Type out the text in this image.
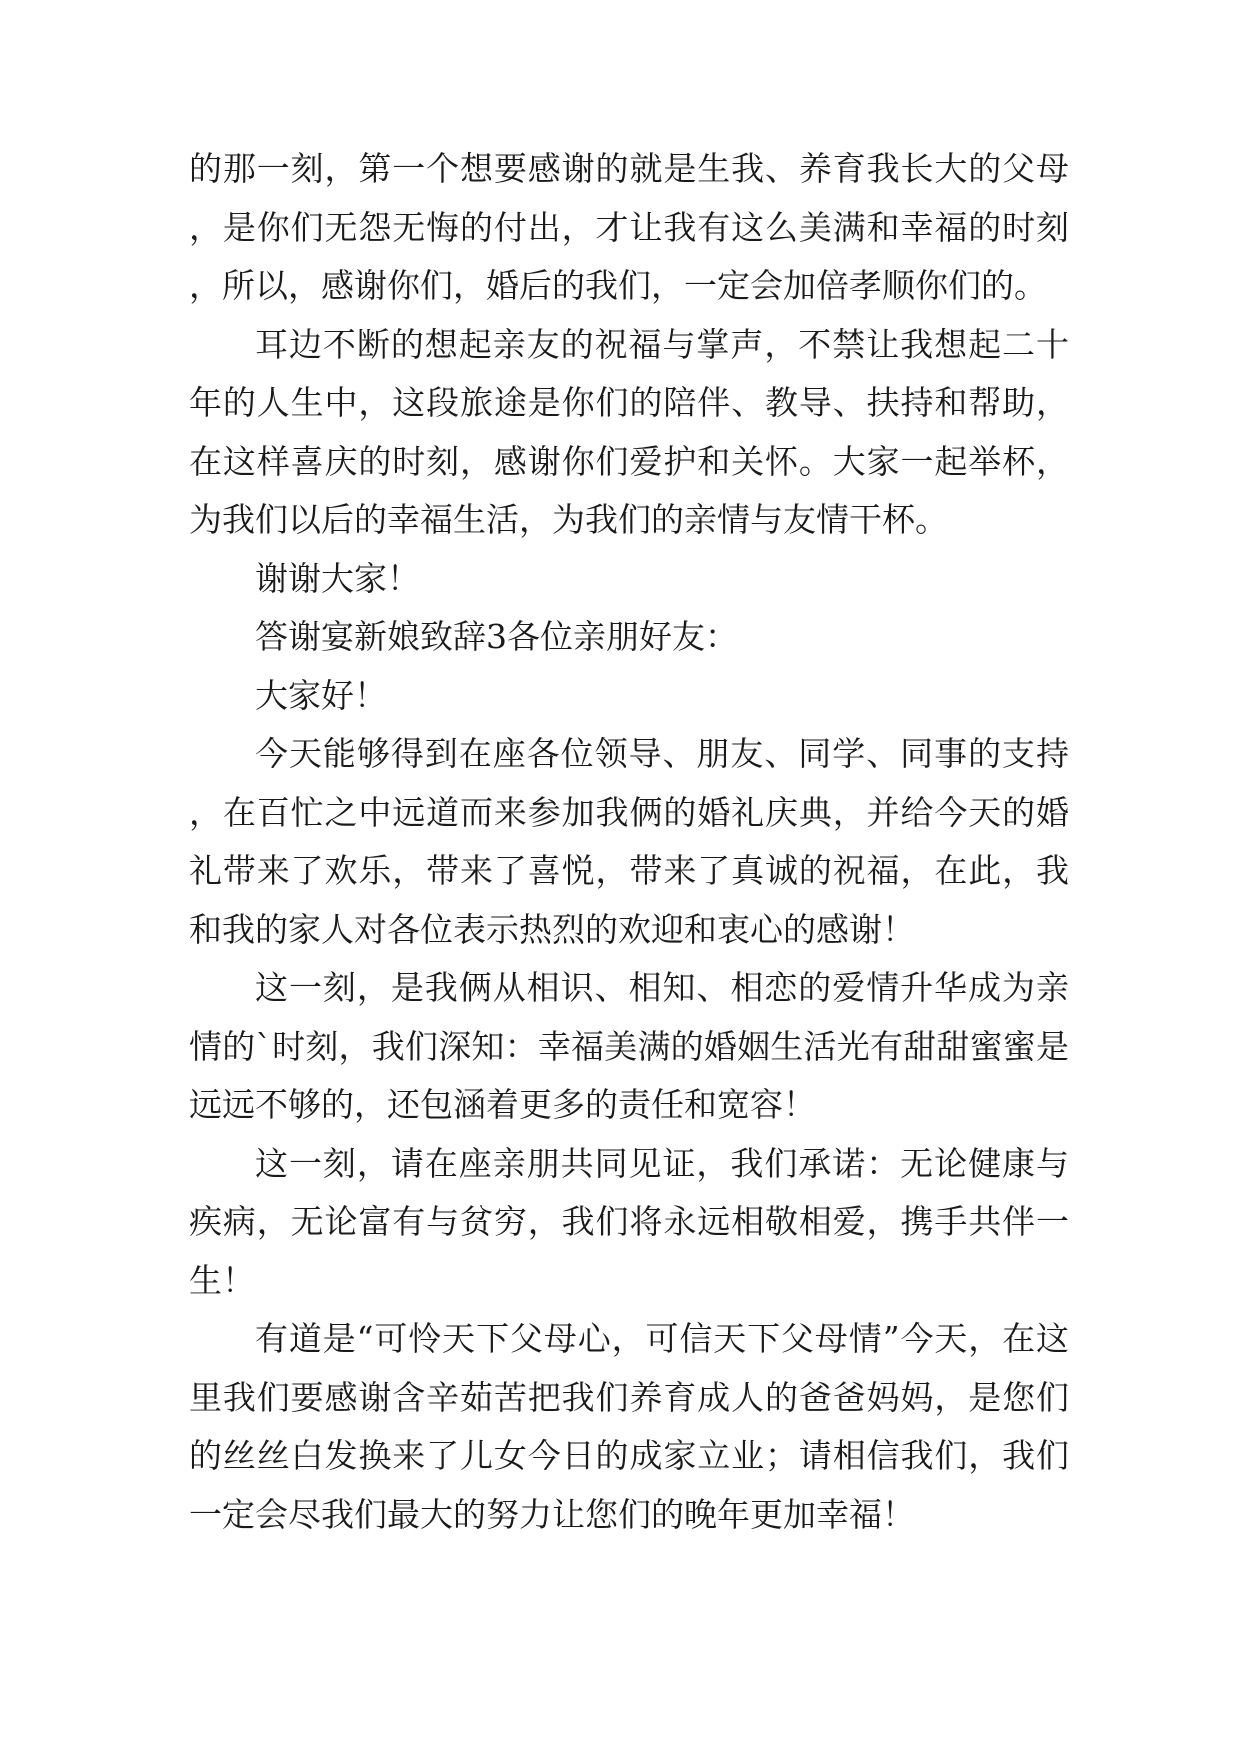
的那一刻，第一个想要感谢的就是生我、养育我长大的父母，是你们无怨无悔的付出，才让我有这么美满和幸福的时刻，所以，感谢你们，婚后的我们，一定会加倍孝顺你们的。

耳边不断的想起亲友的祝福与掌声，不禁让我想起二十年的人生中，这段旅途是你们的陪伴、教导、扶持和帮助，在这样喜庆的时刻，感谢你们爱护和关怀。大家一起举杯，为我们以后的幸福生活，为我们的亲情与友情干杯。

谢谢大家！

答谢宴新娘致辞3各位亲朋好友：

大家好！

今天能够得到在座各位领导、朋友、同学、同事的支持，在百忙之中远道而来参加我俩的婚礼庆典，并给今天的婚礼带来了欢乐，带来了喜悦，带来了真诚的祝福，在此，我和我的家人对各位表示热烈的欢迎和衷心的感谢！

这一刻，是我俩从相识、相知、相恋的爱情升华成为亲情的`时刻，我们深知：幸福美满的婚姻生活光有甜甜蜜蜜是远远不够的，还包涵着更多的责任和宽容！

这一刻，请在座亲朋共同见证，我们承诺：无论健康与疾病，无论富有与贫穷，我们将永远相敬相爱，携手共伴一生！

有道是“可怜天下父母心，可信天下父母情”今天，在这里我们要感谢含辛茹苦把我们养育成人的爸爸妈妈，是您们的丝丝白发换来了儿女今日的成家立业；请相信我们，我们一定会尽我们最大的努力让您们的晚年更加幸福！
